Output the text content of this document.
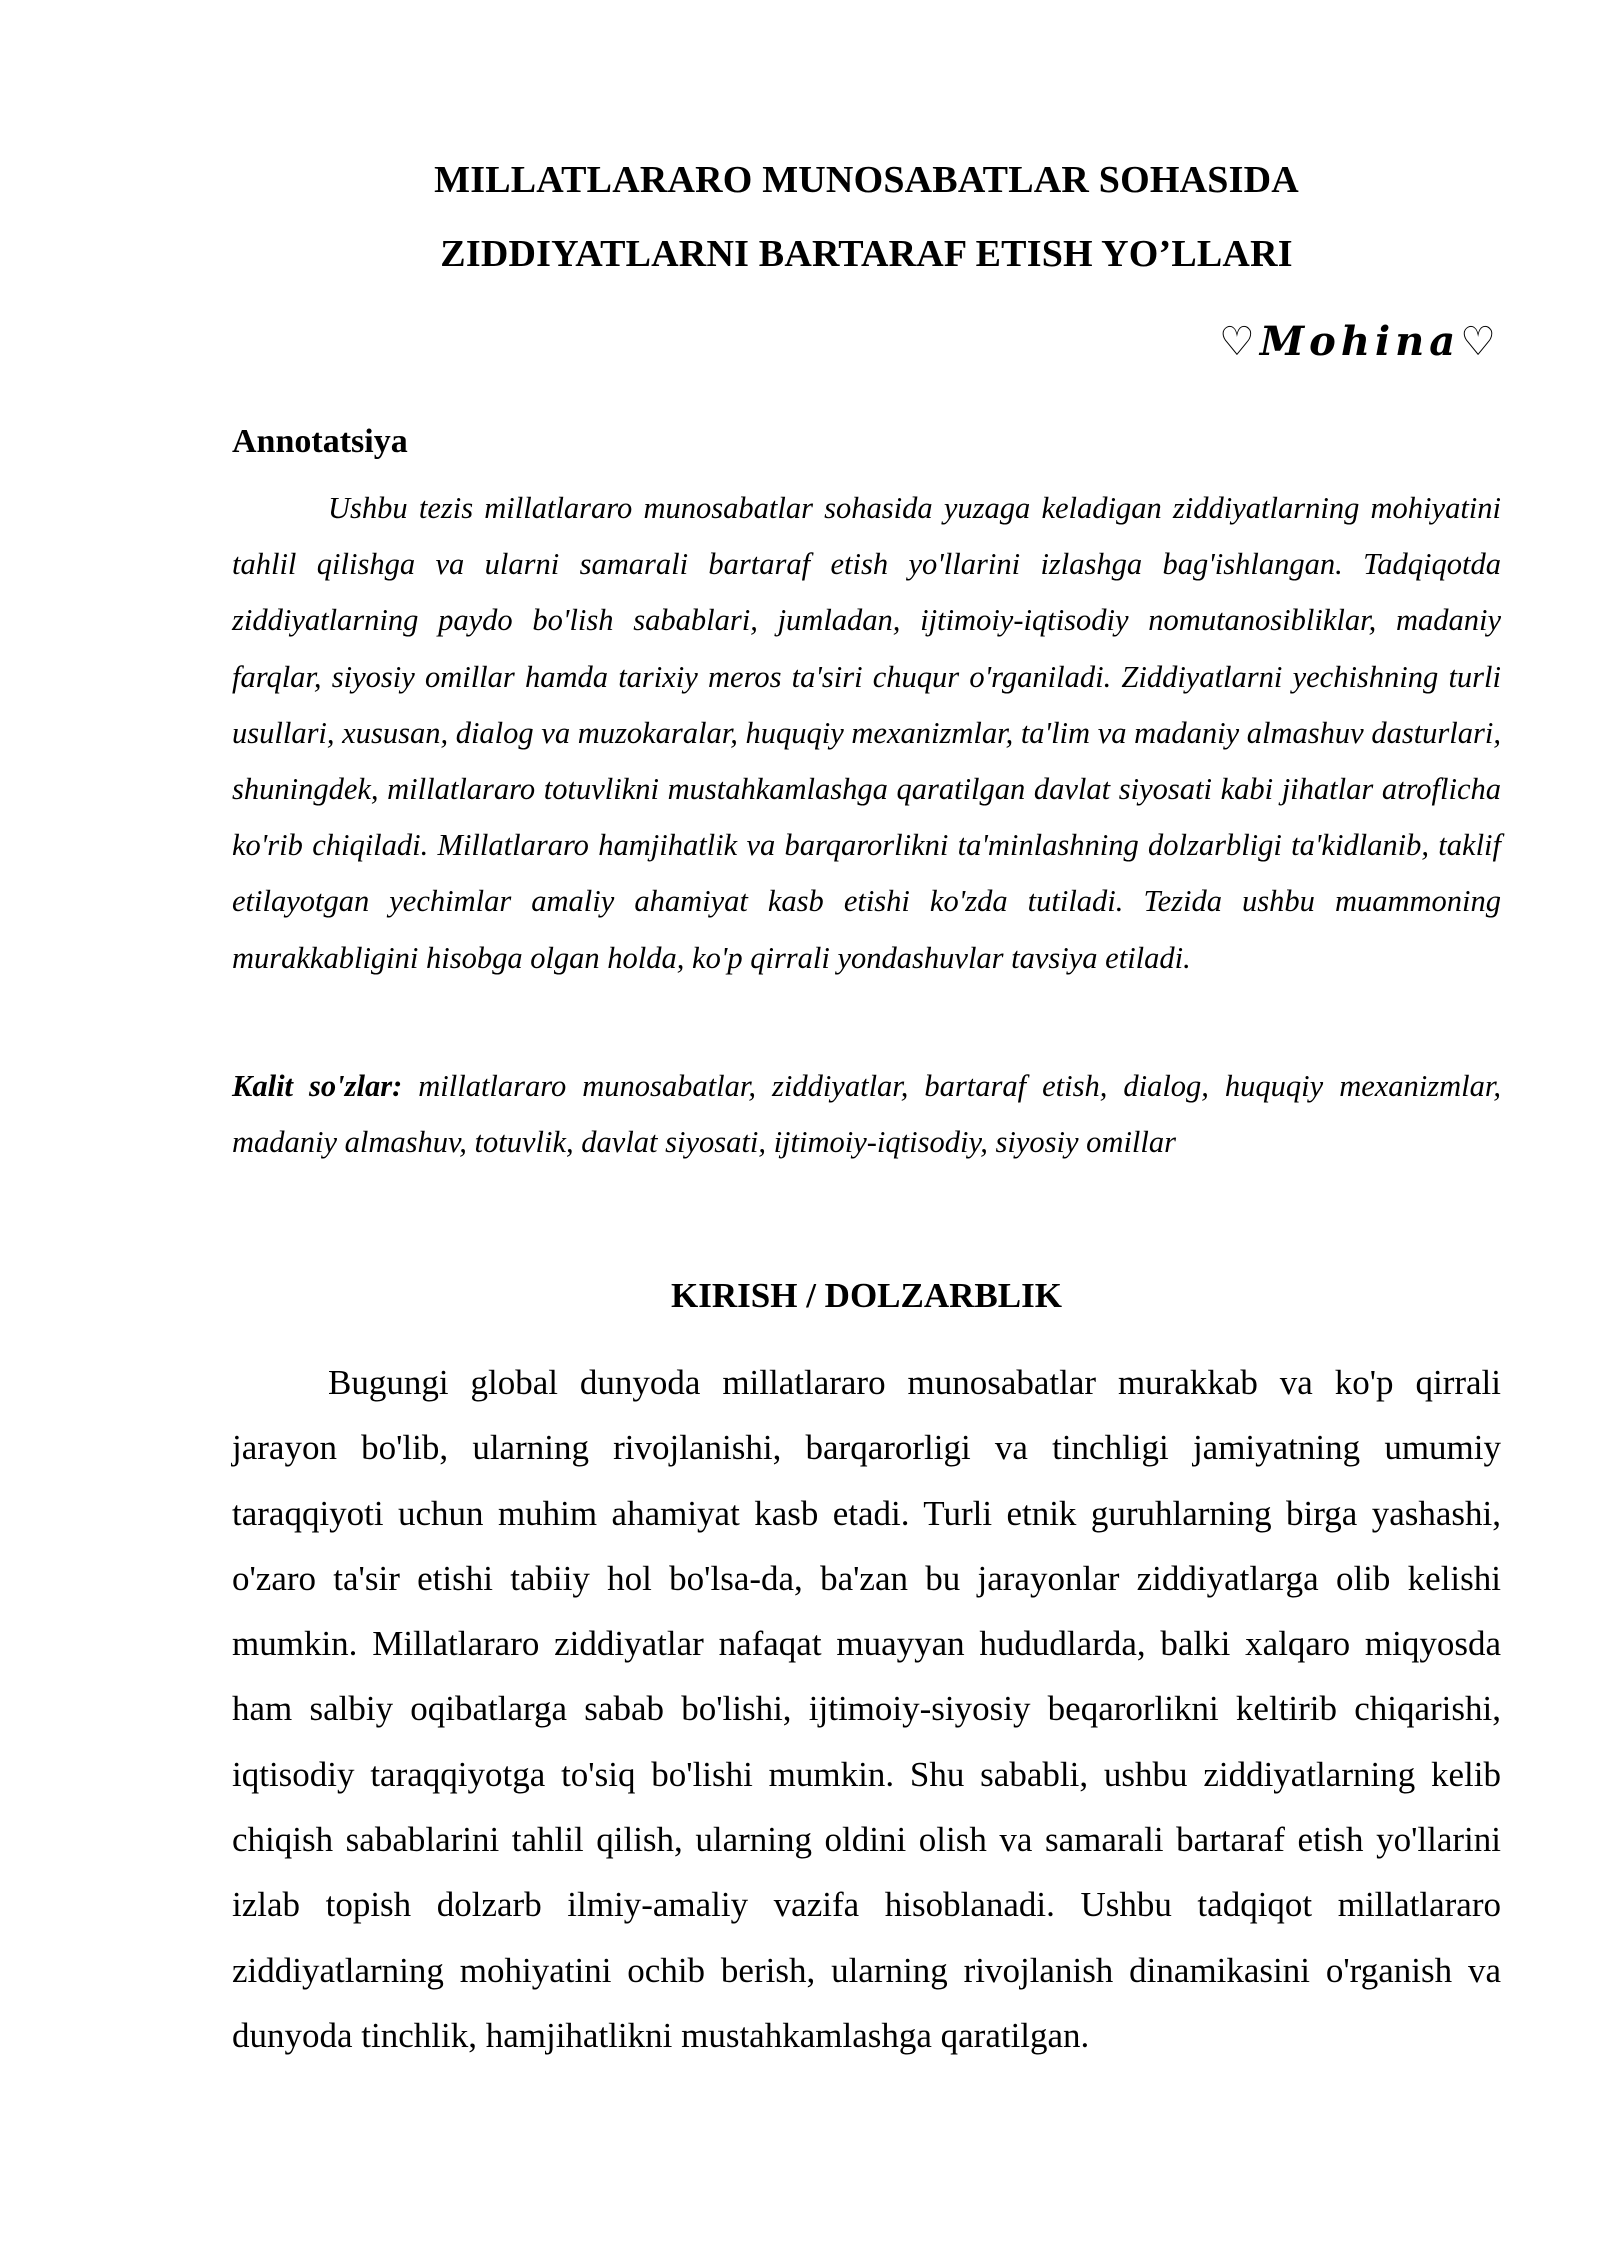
MILLATLARARO MUNOSABATLAR SOHASIDA
ZIDDIYATLARNI BARTARAF ETISH YO’LLARI
♡Mohina♡
Annotatsiya

Ushbu tezis millatlararo munosabatlar sohasida yuzaga keladigan ziddiyatlarning mohiyatini tahlil qilishga va ularni samarali bartaraf etish yo'llarini izlashga bag'ishlangan. Tadqiqotda ziddiyatlarning paydo bo'lish sabablari, jumladan, ijtimoiy-iqtisodiy nomutanosibliklar, madaniy farqlar, siyosiy omillar hamda tarixiy meros ta'siri chuqur o'rganiladi. Ziddiyatlarni yechishning turli usullari, xususan, dialog va muzokaralar, huquqiy mexanizmlar, ta'lim va madaniy almashuv dasturlari, shuningdek, millatlararo totuvlikni mustahkamlashga qaratilgan davlat siyosati kabi jihatlar atroflicha ko'rib chiqiladi. Millatlararo hamjihatlik va barqarorlikni ta'minlashning dolzarbligi ta'kidlanib, taklif etilayotgan yechimlar amaliy ahamiyat kasb etishi ko'zda tutiladi. Tezida ushbu muammoning murakkabligini hisobga olgan holda, ko'p qirrali yondashuvlar tavsiya etiladi.

Kalit so'zlar: millatlararo munosabatlar, ziddiyatlar, bartaraf etish, dialog, huquqiy mexanizmlar, madaniy almashuv, totuvlik, davlat siyosati, ijtimoiy-iqtisodiy, siyosiy omillar

KIRISH / DOLZARBLIK

Bugungi global dunyoda millatlararo munosabatlar murakkab va ko'p qirrali jarayon bo'lib, ularning rivojlanishi, barqarorligi va tinchligi jamiyatning umumiy taraqqiyoti uchun muhim ahamiyat kasb etadi. Turli etnik guruhlarning birga yashashi, o'zaro ta'sir etishi tabiiy hol bo'lsa-da, ba'zan bu jarayonlar ziddiyatlarga olib kelishi mumkin. Millatlararo ziddiyatlar nafaqat muayyan hududlarda, balki xalqaro miqyosda ham salbiy oqibatlarga sabab bo'lishi, ijtimoiy-siyosiy beqarorlikni keltirib chiqarishi, iqtisodiy taraqqiyotga to'siq bo'lishi mumkin. Shu sababli, ushbu ziddiyatlarning kelib chiqish sabablarini tahlil qilish, ularning oldini olish va samarali bartaraf etish yo'llarini izlab topish dolzarb ilmiy-amaliy vazifa hisoblanadi. Ushbu tadqiqot millatlararo ziddiyatlarning mohiyatini ochib berish, ularning rivojlanish dinamikasini o'rganish va dunyoda tinchlik, hamjihatlikni mustahkamlashga qaratilgan.
